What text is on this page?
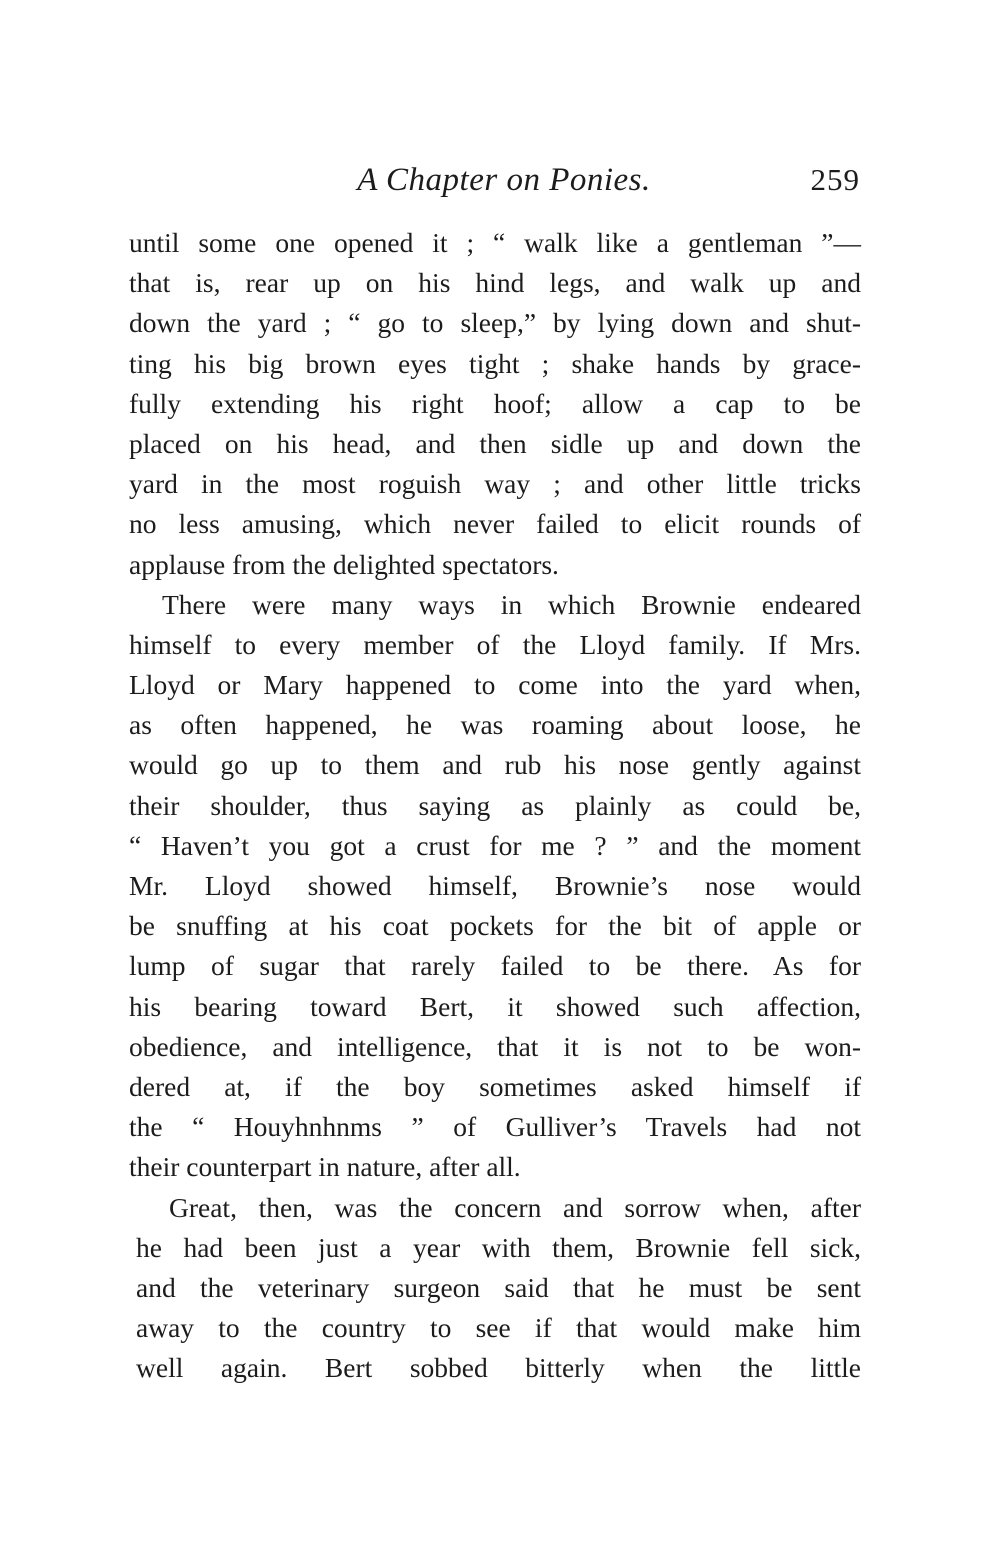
A Chapter on Ponies.	259
until some one opened it ; “ walk like a gentleman ”—
that is, rear up on his hind legs, and walk up and
down the yard ; “ go to sleep,” by lying down and shut-
ting his big brown eyes tight ; shake hands by grace-
fully extending his right hoof; allow a cap to be
placed on his head, and then sidle up and down the
yard in the most roguish way ; and other little tricks
no less amusing, which never failed to elicit rounds of
applause from the delighted spectators.
There were many ways in which Brownie endeared
himself to every member of the Lloyd family. If Mrs.
Lloyd or Mary happened to come into the yard when,
as often happened, he was roaming about loose, he
would go up to them and rub his nose gently against
their shoulder, thus saying as plainly as could be,
“ Haven’t you got a crust for me ? ” and the moment
Mr. Lloyd showed himself, Brownie’s nose would
be snuffing at his coat pockets for the bit of apple or
lump of sugar that rarely failed to be there. As for
his bearing toward Bert, it showed such affection,
obedience, and intelligence, that it is not to be won-
dered at, if the boy sometimes asked himself if
the “ Houyhnhnms ” of Gulliver’s Travels had not
their counterpart in nature, after all.
Great, then, was the concern and sorrow when, after
he had been just a year with them, Brownie fell sick,
and the veterinary surgeon said that he must be sent
away to the country to see if that would make him
well again. Bert sobbed bitterly when the little
